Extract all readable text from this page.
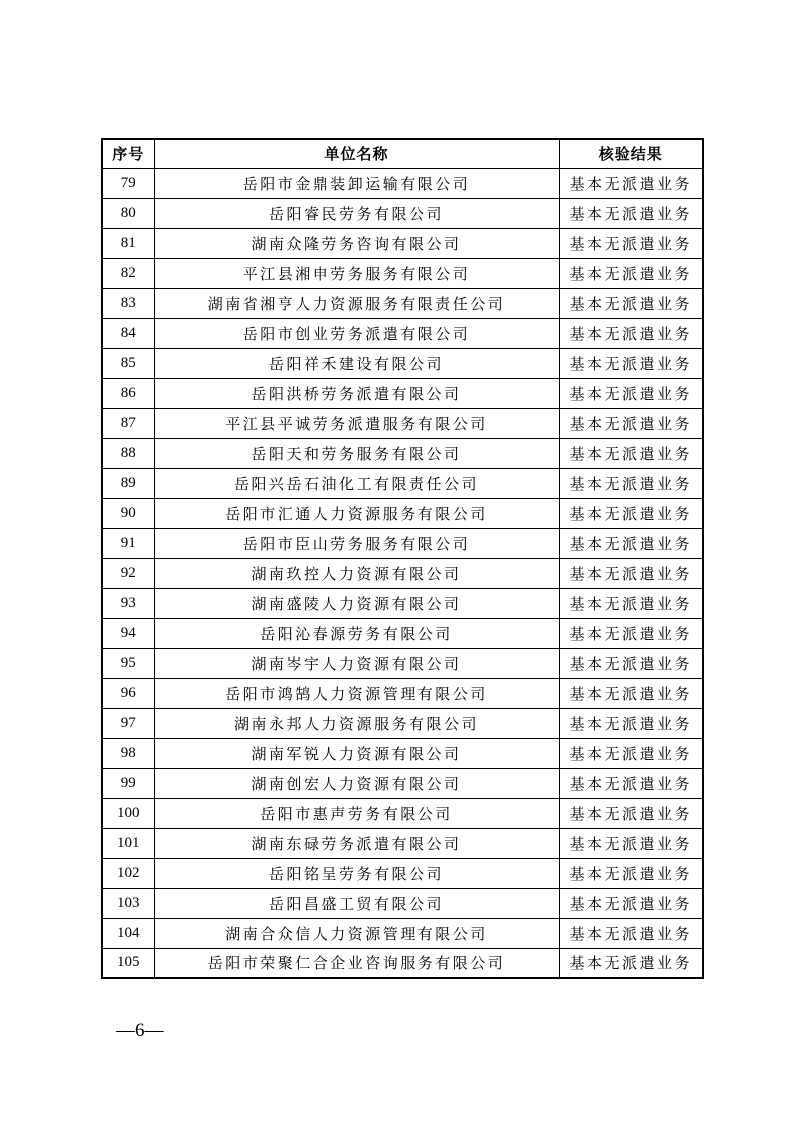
序号	单位名称	核验结果
79	岳阳市金鼎装卸运输有限公司	基本无派遣业务
80	岳阳睿民劳务有限公司	基本无派遣业务
81	湖南众隆劳务咨询有限公司	基本无派遣业务
82	平江县湘申劳务服务有限公司	基本无派遣业务
83	湖南省湘亨人力资源服务有限责任公司	基本无派遣业务
84	岳阳市创业劳务派遣有限公司	基本无派遣业务
85	岳阳祥禾建设有限公司	基本无派遣业务
86	岳阳洪桥劳务派遣有限公司	基本无派遣业务
87	平江县平诚劳务派遣服务有限公司	基本无派遣业务
88	岳阳天和劳务服务有限公司	基本无派遣业务
89	岳阳兴岳石油化工有限责任公司	基本无派遣业务
90	岳阳市汇通人力资源服务有限公司	基本无派遣业务
91	岳阳市臣山劳务服务有限公司	基本无派遣业务
92	湖南玖控人力资源有限公司	基本无派遣业务
93	湖南盛陵人力资源有限公司	基本无派遣业务
94	岳阳沁春源劳务有限公司	基本无派遣业务
95	湖南岑宇人力资源有限公司	基本无派遣业务
96	岳阳市鸿鹄人力资源管理有限公司	基本无派遣业务
97	湖南永邦人力资源服务有限公司	基本无派遣业务
98	湖南军锐人力资源有限公司	基本无派遣业务
99	湖南创宏人力资源有限公司	基本无派遣业务
100	岳阳市惠声劳务有限公司	基本无派遣业务
101	湖南东碌劳务派遣有限公司	基本无派遣业务
102	岳阳铭呈劳务有限公司	基本无派遣业务
103	岳阳昌盛工贸有限公司	基本无派遣业务
104	湖南合众信人力资源管理有限公司	基本无派遣业务
105	岳阳市荣聚仁合企业咨询服务有限公司	基本无派遣业务
—6—
